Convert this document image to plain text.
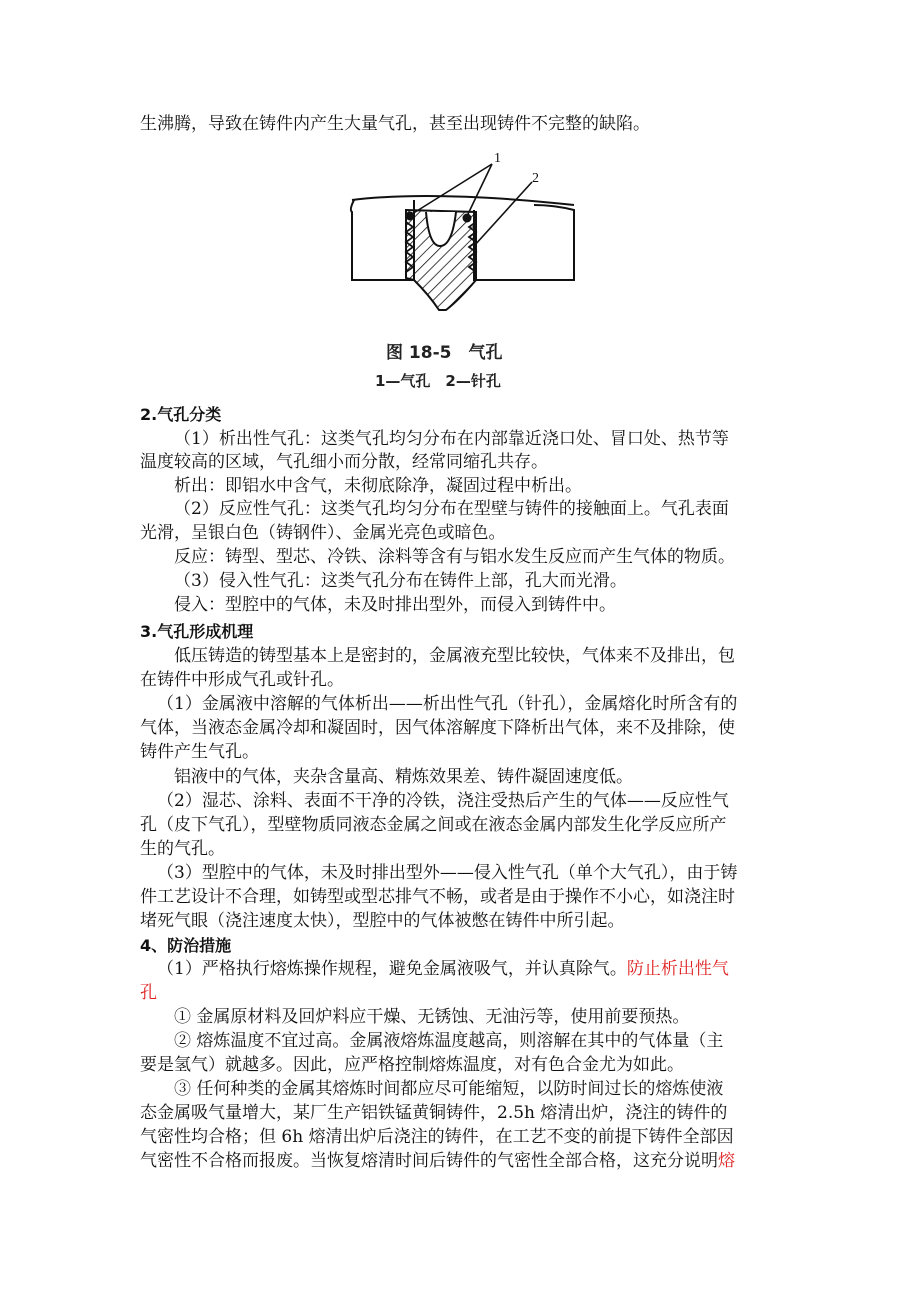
生沸腾，导致在铸件内产生大量气孔，甚至出现铸件不完整的缺陷。
1
2
图 18-5　气孔
1—气孔　2—针孔
2.气孔分类
（1）析出性气孔：这类气孔均匀分布在内部靠近浇口处、冒口处、热节等
温度较高的区域，气孔细小而分散，经常同缩孔共存。
析出：即铝水中含气，未彻底除净，凝固过程中析出。
（2）反应性气孔：这类气孔均匀分布在型壁与铸件的接触面上。气孔表面
光滑，呈银白色（铸钢件）、金属光亮色或暗色。
反应：铸型、型芯、冷铁、涂料等含有与铝水发生反应而产生气体的物质。
（3）侵入性气孔：这类气孔分布在铸件上部，孔大而光滑。
侵入：型腔中的气体，未及时排出型外，而侵入到铸件中。
3.气孔形成机理
低压铸造的铸型基本上是密封的，金属液充型比较快，气体来不及排出，包
在铸件中形成气孔或针孔。
（1）金属液中溶解的气体析出——析出性气孔（针孔），金属熔化时所含有的
气体，当液态金属冷却和凝固时，因气体溶解度下降析出气体，来不及排除，使
铸件产生气孔。
铝液中的气体，夹杂含量高、精炼效果差、铸件凝固速度低。
（2）湿芯、涂料、表面不干净的冷铁，浇注受热后产生的气体——反应性气
孔（皮下气孔），型壁物质同液态金属之间或在液态金属内部发生化学反应所产
生的气孔。
（3）型腔中的气体，未及时排出型外——侵入性气孔（单个大气孔），由于铸
件工艺设计不合理，如铸型或型芯排气不畅，或者是由于操作不小心，如浇注时
堵死气眼（浇注速度太快），型腔中的气体被憋在铸件中所引起。
4、防治措施
（1）严格执行熔炼操作规程，避免金属液吸气，并认真除气。防止析出性气
孔
① 金属原材料及回炉料应干燥、无锈蚀、无油污等，使用前要预热。
② 熔炼温度不宜过高。金属液熔炼温度越高，则溶解在其中的气体量（主
要是氢气）就越多。因此，应严格控制熔炼温度，对有色合金尤为如此。
③ 任何种类的金属其熔炼时间都应尽可能缩短，以防时间过长的熔炼使液
态金属吸气量增大，某厂生产铝铁锰黄铜铸件，2.5h 熔清出炉，浇注的铸件的
气密性均合格；但 6h 熔清出炉后浇注的铸件，在工艺不变的前提下铸件全部因
气密性不合格而报废。当恢复熔清时间后铸件的气密性全部合格，这充分说明熔
